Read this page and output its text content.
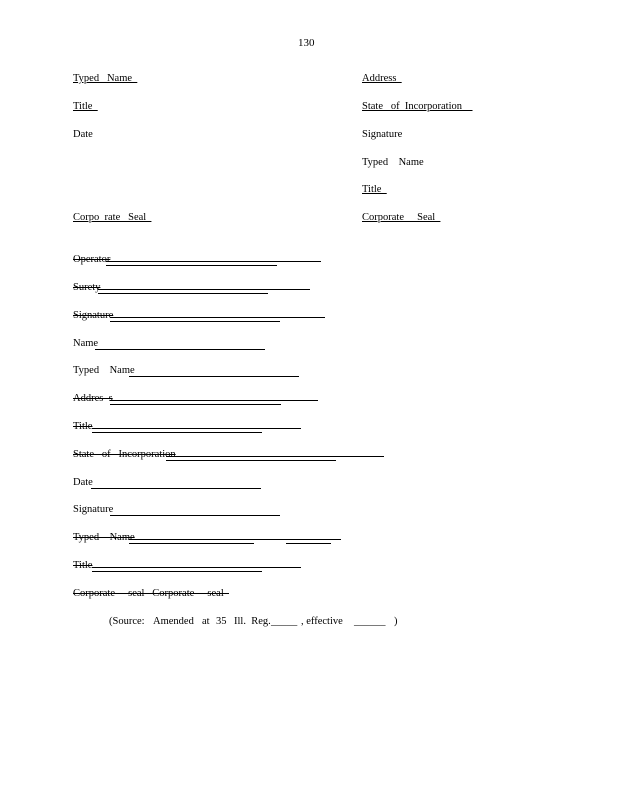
130
Typed   Name
Title
Date
Corpo  rate   Seal
Address
State   of  Incorporation
Signature
Typed    Name
Title
Corporate     Seal
Operator
Surety
Signature
Name
Typed    Name
Addres  s
Title
State   of   Incorporation
Date
Signature
Typed    Name
Title
Corporate     seal   Corporate     seal
(Source: Amended at 35 Ill.  Reg. _____ , effective ______ )
